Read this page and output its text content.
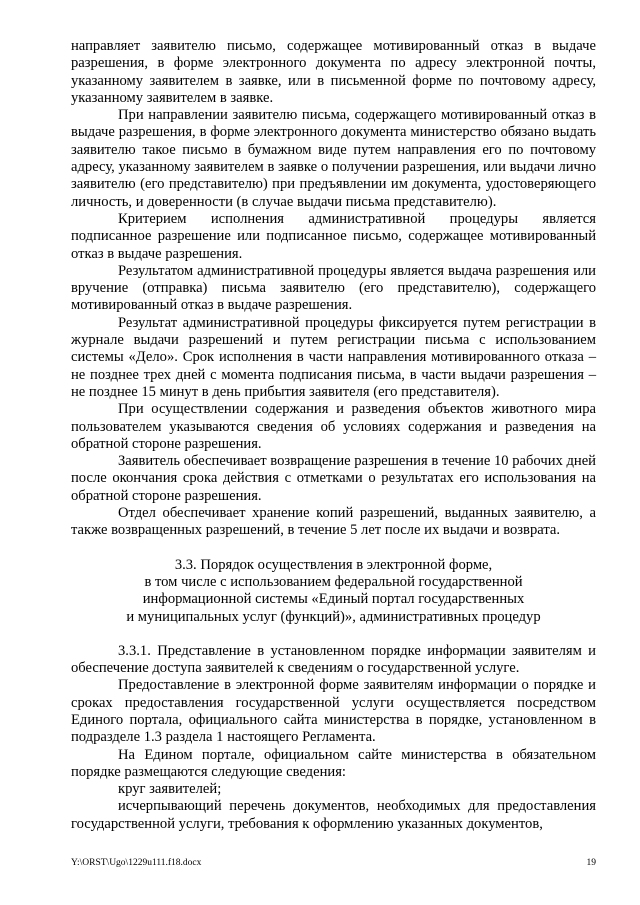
направляет заявителю письмо, содержащее мотивированный отказ в выдаче разрешения, в форме электронного документа по адресу электронной почты, указанному заявителем в заявке, или в письменной форме по почтовому адресу, указанному заявителем в заявке.

При направлении заявителю письма, содержащего мотивированный отказ в выдаче разрешения, в форме электронного документа министерство обязано выдать заявителю такое письмо в бумажном виде путем направления его по почтовому адресу, указанному заявителем в заявке о получении разрешения, или выдачи лично заявителю (его представителю) при предъявлении им документа, удостоверяющего личность, и доверенности (в случае выдачи письма представителю).

Критерием исполнения административной процедуры является подписанное разрешение или подписанное письмо, содержащее мотивированный отказ в выдаче разрешения.

Результатом административной процедуры является выдача разрешения или вручение (отправка) письма заявителю (его представителю), содержащего мотивированный отказ в выдаче разрешения.

Результат административной процедуры фиксируется путем регистрации в журнале выдачи разрешений и путем регистрации письма с использованием системы «Дело». Срок исполнения в части направления мотивированного отказа – не позднее трех дней с момента подписания письма, в части выдачи разрешения – не позднее 15 минут в день прибытия заявителя (его представителя).

При осуществлении содержания и разведения объектов животного мира пользователем указываются сведения об условиях содержания и разведения на обратной стороне разрешения.

Заявитель обеспечивает возвращение разрешения в течение 10 рабочих дней после окончания срока действия с отметками о результатах его использования на обратной стороне разрешения.

Отдел обеспечивает хранение копий разрешений, выданных заявителю, а также возвращенных разрешений, в течение 5 лет после их выдачи и возврата.

3.3. Порядок осуществления в электронной форме,
в том числе с использованием федеральной государственной
информационной системы «Единый портал государственных
и муниципальных услуг (функций)», административных процедур

3.3.1. Представление в установленном порядке информации заявителям и обеспечение доступа заявителей к сведениям о государственной услуге.

Предоставление в электронной форме заявителям информации о порядке и сроках предоставления государственной услуги осуществляется посредством Единого портала, официального сайта министерства в порядке, установленном в подразделе 1.3 раздела 1 настоящего Регламента.

На Едином портале, официальном сайте министерства в обязательном порядке размещаются следующие сведения:

круг заявителей;

исчерпывающий перечень документов, необходимых для предоставления государственной услуги, требования к оформлению указанных документов,

Y:\ORST\Ugo\1229u111.f18.docx	19
